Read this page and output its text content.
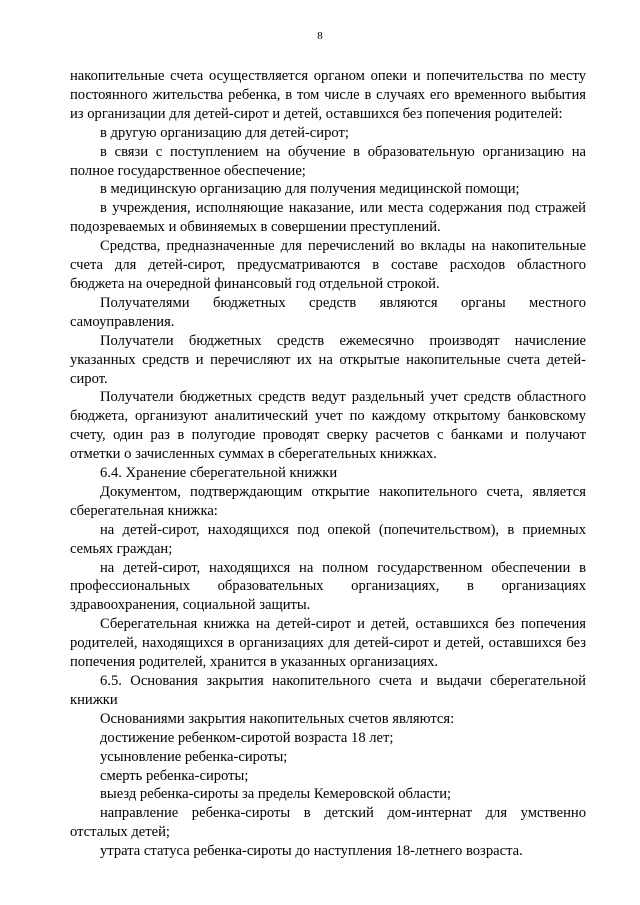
8

накопительные счета осуществляется органом опеки и попечительства по месту постоянного жительства ребенка, в том числе в случаях его временного выбытия из организации для детей-сирот и детей, оставшихся без попечения родителей:

в другую организацию для детей-сирот;

в связи с поступлением на обучение в образовательную организацию на полное государственное обеспечение;

в медицинскую организацию для получения медицинской помощи;

в учреждения, исполняющие наказание, или места содержания под стражей подозреваемых и обвиняемых в совершении преступлений.

Средства, предназначенные для перечислений во вклады на накопительные счета для детей-сирот, предусматриваются в составе расходов областного бюджета на очередной финансовый год отдельной строкой.

Получателями бюджетных средств являются органы местного самоуправления.

Получатели бюджетных средств ежемесячно производят начисление указанных средств и перечисляют их на открытые накопительные счета детей-сирот.

Получатели бюджетных средств ведут раздельный учет средств областного бюджета, организуют аналитический учет по каждому открытому банковскому счету, один раз в полугодие проводят сверку расчетов с банками и получают отметки о зачисленных суммах в сберегательных книжках.

6.4. Хранение сберегательной книжки

Документом, подтверждающим открытие накопительного счета, является сберегательная книжка:

на детей-сирот, находящихся под опекой (попечительством), в приемных семьях граждан;

на детей-сирот, находящихся на полном государственном обеспечении в профессиональных образовательных организациях, в организациях здравоохранения, социальной защиты.

Сберегательная книжка на детей-сирот и детей, оставшихся без попечения родителей, находящихся в организациях для детей-сирот и детей, оставшихся без попечения родителей, хранится в указанных организациях.

6.5. Основания закрытия накопительного счета и выдачи сберегательной книжки

Основаниями закрытия накопительных счетов являются:

достижение ребенком-сиротой возраста 18 лет;

усыновление ребенка-сироты;

смерть ребенка-сироты;

выезд ребенка-сироты за пределы Кемеровской области;

направление ребенка-сироты в детский дом-интернат для умственно отсталых детей;

утрата статуса ребенка-сироты до наступления 18-летнего возраста.
